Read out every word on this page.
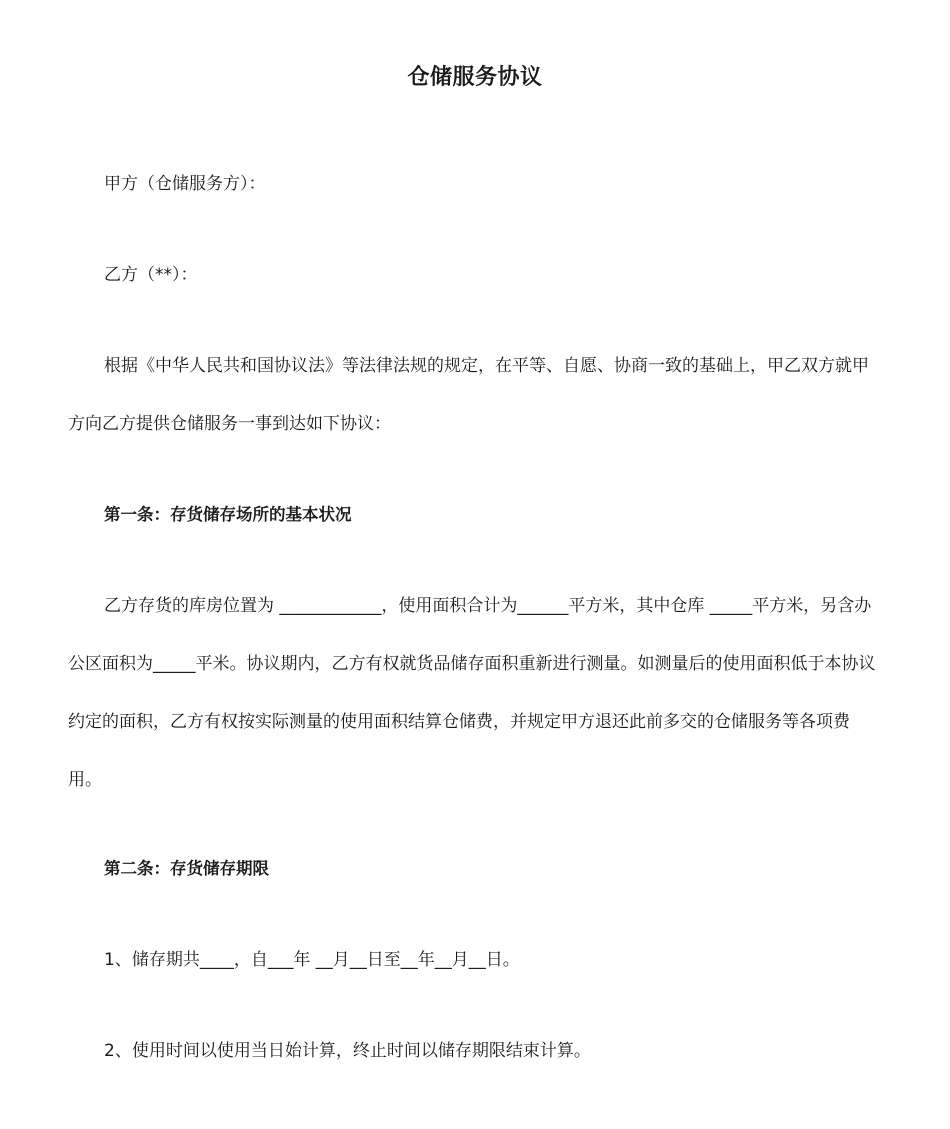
仓储服务协议

甲方（仓储服务方）：

乙方（**）：

根据《中华人民共和国协议法》等法律法规的规定，在平等、自愿、协商一致的基础上，甲乙双方就甲方向乙方提供仓储服务一事到达如下协议：

第一条：存货储存场所的基本状况

乙方存货的库房位置为 ____________，使用面积合计为______平方米，其中仓库 _____平方米，另含办公区面积为_____平米。协议期内，乙方有权就货品储存面积重新进行测量。如测量后的使用面积低于本协议约定的面积，乙方有权按实际测量的使用面积结算仓储费，并规定甲方退还此前多交的仓储服务等各项费用。

第二条：存货储存期限

1、储存期共____，自___年 __月__日至__年__月__日。

2、使用时间以使用当日始计算，终止时间以储存期限结束计算。
